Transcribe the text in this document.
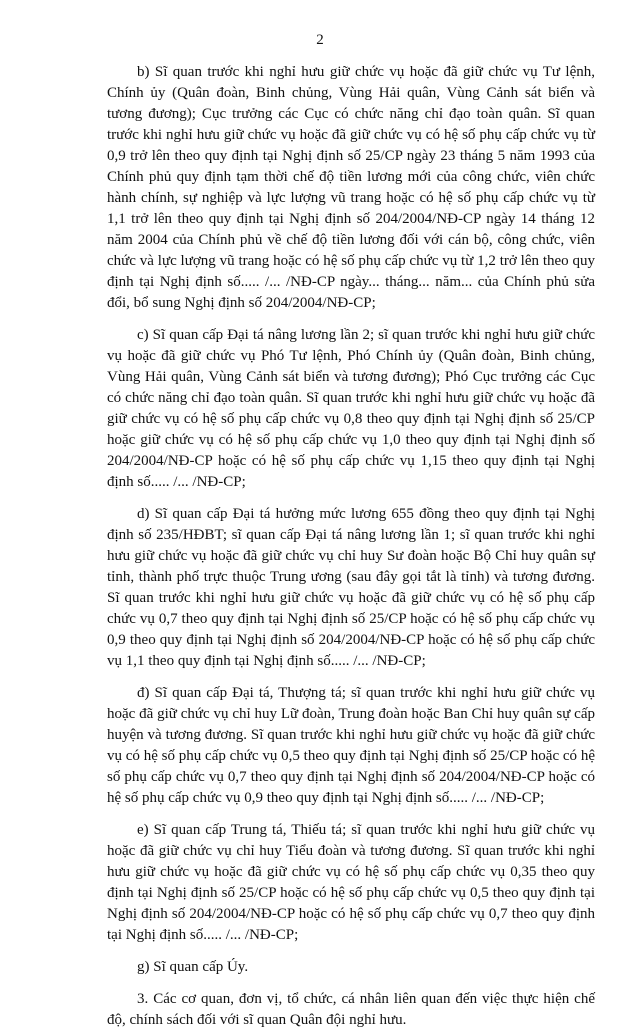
2

b) Sĩ quan trước khi nghỉ hưu giữ chức vụ hoặc đã giữ chức vụ Tư lệnh, Chính ủy (Quân đoàn, Binh chủng, Vùng Hải quân, Vùng Cảnh sát biển và tương đương); Cục trưởng các Cục có chức năng chỉ đạo toàn quân. Sĩ quan trước khi nghỉ hưu giữ chức vụ hoặc đã giữ chức vụ có hệ số phụ cấp chức vụ từ 0,9 trở lên theo quy định tại Nghị định số 25/CP ngày 23 tháng 5 năm 1993 của Chính phủ quy định tạm thời chế độ tiền lương mới của công chức, viên chức hành chính, sự nghiệp và lực lượng vũ trang hoặc có hệ số phụ cấp chức vụ từ 1,1 trở lên theo quy định tại Nghị định số 204/2004/NĐ-CP ngày 14 tháng 12 năm 2004 của Chính phủ về chế độ tiền lương đối với cán bộ, công chức, viên chức và lực lượng vũ trang hoặc có hệ số phụ cấp chức vụ từ 1,2 trở lên theo quy định tại Nghị định số..... /... /NĐ-CP ngày... tháng... năm... của Chính phủ sửa đổi, bổ sung Nghị định số 204/2004/NĐ-CP;

c) Sĩ quan cấp Đại tá nâng lương lần 2; sĩ quan trước khi nghỉ hưu giữ chức vụ hoặc đã giữ chức vụ Phó Tư lệnh, Phó Chính ủy (Quân đoàn, Binh chủng, Vùng Hải quân, Vùng Cảnh sát biển và tương đương); Phó Cục trưởng các Cục có chức năng chỉ đạo toàn quân. Sĩ quan trước khi nghỉ hưu giữ chức vụ hoặc đã giữ chức vụ có hệ số phụ cấp chức vụ 0,8 theo quy định tại Nghị định số 25/CP hoặc giữ chức vụ có hệ số phụ cấp chức vụ 1,0 theo quy định tại Nghị định số 204/2004/NĐ-CP hoặc có hệ số phụ cấp chức vụ 1,15 theo quy định tại Nghị định số..... /... /NĐ-CP;

d) Sĩ quan cấp Đại tá hưởng mức lương 655 đồng theo quy định tại Nghị định số 235/HĐBT; sĩ quan cấp Đại tá nâng lương lần 1; sĩ quan trước khi nghỉ hưu giữ chức vụ hoặc đã giữ chức vụ chỉ huy Sư đoàn hoặc Bộ Chỉ huy quân sự tỉnh, thành phố trực thuộc Trung ương (sau đây gọi tắt là tỉnh) và tương đương. Sĩ quan trước khi nghỉ hưu giữ chức vụ hoặc đã giữ chức vụ có hệ số phụ cấp chức vụ 0,7 theo quy định tại Nghị định số 25/CP hoặc có hệ số phụ cấp chức vụ 0,9 theo quy định tại Nghị định số 204/2004/NĐ-CP hoặc có hệ số phụ cấp chức vụ 1,1 theo quy định tại Nghị định số..... /... /NĐ-CP;

đ) Sĩ quan cấp Đại tá, Thượng tá; sĩ quan trước khi nghỉ hưu giữ chức vụ hoặc đã giữ chức vụ chỉ huy Lữ đoàn, Trung đoàn hoặc Ban Chỉ huy quân sự cấp huyện và tương đương. Sĩ quan trước khi nghỉ hưu giữ chức vụ hoặc đã giữ chức vụ có hệ số phụ cấp chức vụ 0,5 theo quy định tại Nghị định số 25/CP hoặc có hệ số phụ cấp chức vụ 0,7 theo quy định tại Nghị định số 204/2004/NĐ-CP hoặc có hệ số phụ cấp chức vụ 0,9 theo quy định tại Nghị định số..... /... /NĐ-CP;

e) Sĩ quan cấp Trung tá, Thiếu tá; sĩ quan trước khi nghỉ hưu giữ chức vụ hoặc đã giữ chức vụ chỉ huy Tiểu đoàn và tương đương. Sĩ quan trước khi nghỉ hưu giữ chức vụ hoặc đã giữ chức vụ có hệ số phụ cấp chức vụ 0,35 theo quy định tại Nghị định số 25/CP hoặc có hệ số phụ cấp chức vụ 0,5 theo quy định tại Nghị định số 204/2004/NĐ-CP hoặc có hệ số phụ cấp chức vụ 0,7 theo quy định tại Nghị định số..... /... /NĐ-CP;

g) Sĩ quan cấp Úy.

3. Các cơ quan, đơn vị, tổ chức, cá nhân liên quan đến việc thực hiện chế độ, chính sách đối với sĩ quan Quân đội nghỉ hưu.
